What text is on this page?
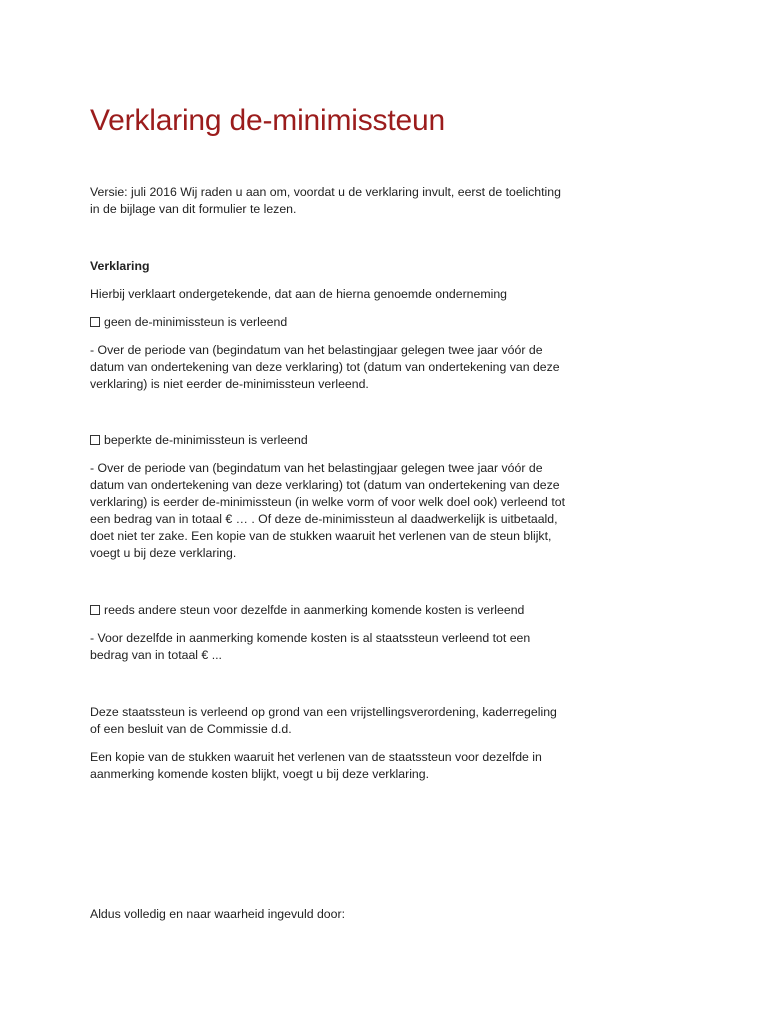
Verklaring de-minimissteun

Versie: juli 2016 Wij raden u aan om, voordat u de verklaring invult, eerst de toelichting in de bijlage van dit formulier te lezen.

Verklaring

Hierbij verklaart ondergetekende, dat aan de hierna genoemde onderneming

geen de-minimissteun is verleend

- Over de periode van (begindatum van het belastingjaar gelegen twee jaar vóór de datum van ondertekening van deze verklaring) tot (datum van ondertekening van deze verklaring) is niet eerder de-minimissteun verleend.

beperkte de-minimissteun is verleend

- Over de periode van (begindatum van het belastingjaar gelegen twee jaar vóór de datum van ondertekening van deze verklaring) tot (datum van ondertekening van deze verklaring) is eerder de-minimissteun (in welke vorm of voor welk doel ook) verleend tot een bedrag van in totaal € … . Of deze de-minimissteun al daadwerkelijk is uitbetaald, doet niet ter zake. Een kopie van de stukken waaruit het verlenen van de steun blijkt, voegt u bij deze verklaring.

reeds andere steun voor dezelfde in aanmerking komende kosten is verleend

- Voor dezelfde in aanmerking komende kosten is al staatssteun verleend tot een bedrag van in totaal € ...

Deze staatssteun is verleend op grond van een vrijstellingsverordening, kaderregeling of een besluit van de Commissie d.d.

Een kopie van de stukken waaruit het verlenen van de staatssteun voor dezelfde in aanmerking komende kosten blijkt, voegt u bij deze verklaring.

Aldus volledig en naar waarheid ingevuld door:
